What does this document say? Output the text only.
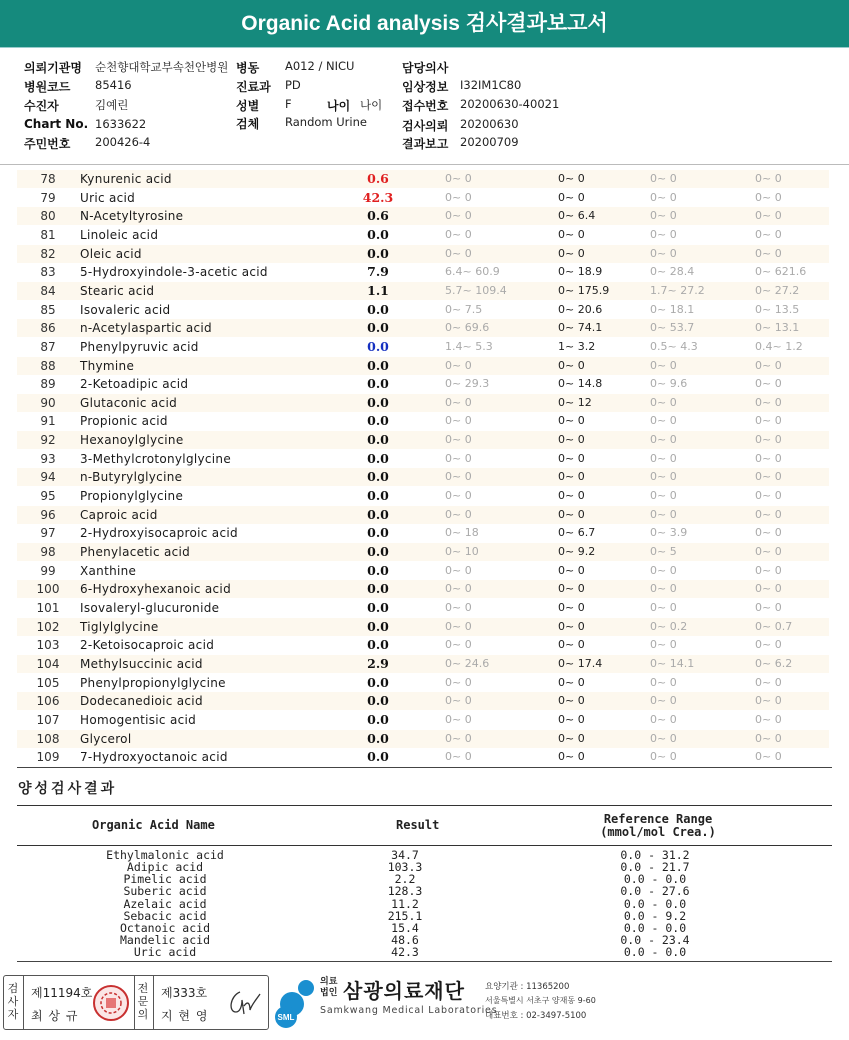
Organic Acid analysis 검사결과보고서
의뢰기관명 순천향대학교부속천안병원 병동 A012 / NICU	담당의사
병원코드 85416	진료과 PD	임상정보 I32IM1C80
수진자	김예린	성별 F	나이 나이 접수번호 20200630-40021
Chart No. 1633622	검체 Random Urine	검사의뢰 20200630
주민번호 200426-4	결과보고 20200709
78	Kynurenic acid	0.6	0~ 0	0~ 0	0~ 0	0~ 0
79	Uric acid	42.3	0~ 0	0~ 0	0~ 0	0~ 0
80	N-Acetyltyrosine	0.6	0~ 0	0~ 6.4	0~ 0	0~ 0
81	Linoleic acid	0.0	0~ 0	0~ 0	0~ 0	0~ 0
82	Oleic acid	0.0	0~ 0	0~ 0	0~ 0	0~ 0
83	5-Hydroxyindole-3-acetic acid	7.9	6.4~ 60.9	0~ 18.9	0~ 28.4	0~ 621.6
84	Stearic acid	1.1	5.7~ 109.4	0~ 175.9	1.7~ 27.2	0~ 27.2
85	Isovaleric acid	0.0	0~ 7.5	0~ 20.6	0~ 18.1	0~ 13.5
86	n-Acetylaspartic acid	0.0	0~ 69.6	0~ 74.1	0~ 53.7	0~ 13.1
87	Phenylpyruvic acid	0.0	1.4~ 5.3	1~ 3.2	0.5~ 4.3	0.4~ 1.2
88	Thymine	0.0	0~ 0	0~ 0	0~ 0	0~ 0
89	2-Ketoadipic acid	0.0	0~ 29.3	0~ 14.8	0~ 9.6	0~ 0
90	Glutaconic acid	0.0	0~ 0	0~ 12	0~ 0	0~ 0
91	Propionic acid	0.0	0~ 0	0~ 0	0~ 0	0~ 0
92	Hexanoylglycine	0.0	0~ 0	0~ 0	0~ 0	0~ 0
93	3-Methylcrotonylglycine	0.0	0~ 0	0~ 0	0~ 0	0~ 0
94	n-Butyrylglycine	0.0	0~ 0	0~ 0	0~ 0	0~ 0
95	Propionylglycine	0.0	0~ 0	0~ 0	0~ 0	0~ 0
96	Caproic acid	0.0	0~ 0	0~ 0	0~ 0	0~ 0
97	2-Hydroxyisocaproic acid	0.0	0~ 18	0~ 6.7	0~ 3.9	0~ 0
98	Phenylacetic acid	0.0	0~ 10	0~ 9.2	0~ 5	0~ 0
99	Xanthine	0.0	0~ 0	0~ 0	0~ 0	0~ 0
100	6-Hydroxyhexanoic acid	0.0	0~ 0	0~ 0	0~ 0	0~ 0
101	Isovaleryl-glucuronide	0.0	0~ 0	0~ 0	0~ 0	0~ 0
102	Tiglylglycine	0.0	0~ 0	0~ 0	0~ 0.2	0~ 0.7
103	2-Ketoisocaproic acid	0.0	0~ 0	0~ 0	0~ 0	0~ 0
104	Methylsuccinic acid	2.9	0~ 24.6	0~ 17.4	0~ 14.1	0~ 6.2
105	Phenylpropionylglycine	0.0	0~ 0	0~ 0	0~ 0	0~ 0
106	Dodecanedioic acid	0.0	0~ 0	0~ 0	0~ 0	0~ 0
107	Homogentisic acid	0.0	0~ 0	0~ 0	0~ 0	0~ 0
108	Glycerol	0.0	0~ 0	0~ 0	0~ 0	0~ 0
109	7-Hydroxyoctanoic acid	0.0	0~ 0	0~ 0	0~ 0	0~ 0
양성검사결과
Organic Acid Name	Result	Reference Range
(mmol/mol Crea.)
Ethylmalonic acid	34.7	0.0 - 31.2
Adipic acid	103.3	0.0 - 21.7
Pimelic acid	2.2	0.0 - 0.0
Suberic acid	128.3	0.0 - 27.6
Azelaic acid	11.2	0.0 - 0.0
Sebacic acid	215.1	0.0 - 9.2
Octanoic acid	15.4	0.0 - 0.0
Mandelic acid	48.6	0.0 - 23.4
Uric acid	42.3	0.0 - 0.0
검
사
자
제11194호
최 상 규
전
문
의
제333호
지 현 영	SML
의료법인 삼광의료재단
Samkwang Medical Laboratories
요양기관 : 11365200
서울특별시 서초구 양재동 9-60
대표번호 : 02-3497-5100
